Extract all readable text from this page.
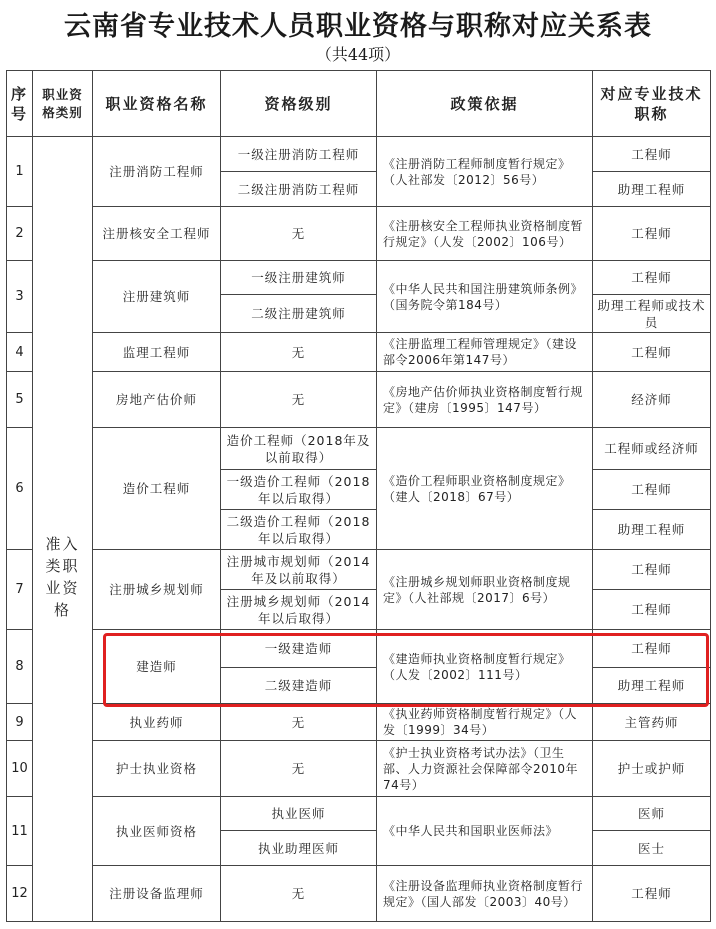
云南省专业技术人员职业资格与职称对应关系表
（共44项）
序号	职业资格类别	职业资格名称	资格级别	政策依据	对应专业技术职称
1	准入类职业资格	注册消防工程师	一级注册消防工程师	《注册消防工程师制度暂行规定》（人社部发〔2012〕56号）	工程师
			二级注册消防工程师		助理工程师
2		注册核安全工程师	无	《注册核安全工程师执业资格制度暂行规定》（人发〔2002〕106号）	工程师
3		注册建筑师	一级注册建筑师	《中华人民共和国注册建筑师条例》（国务院令第184号）	工程师
			二级注册建筑师		助理工程师或技术员
4		监理工程师	无	《注册监理工程师管理规定》（建设部令2006年第147号）	工程师
5		房地产估价师	无	《房地产估价师执业资格制度暂行规定》（建房〔1995〕147号）	经济师
6		造价工程师	造价工程师（2018年及以前取得）	《造价工程师职业资格制度规定》（建人〔2018〕67号）	工程师或经济师
			一级造价工程师（2018年以后取得）		工程师
			二级造价工程师（2018年以后取得）		助理工程师
7		注册城乡规划师	注册城市规划师（2014年及以前取得）	《注册城乡规划师职业资格制度规定》（人社部规〔2017〕6号）	工程师
			注册城乡规划师（2014年以后取得）		工程师
8		建造师	一级建造师	《建造师执业资格制度暂行规定》（人发〔2002〕111号）	工程师
			二级建造师		助理工程师
9		执业药师	无	《执业药师资格制度暂行规定》（人发〔1999〕34号）	主管药师
10		护士执业资格	无	《护士执业资格考试办法》（卫生部、人力资源社会保障部令2010年74号）	护士或护师
11		执业医师资格	执业医师	《中华人民共和国职业医师法》	医师
			执业助理医师		医士
12		注册设备监理师	无	《注册设备监理师执业资格制度暂行规定》（国人部发〔2003〕40号）	工程师
